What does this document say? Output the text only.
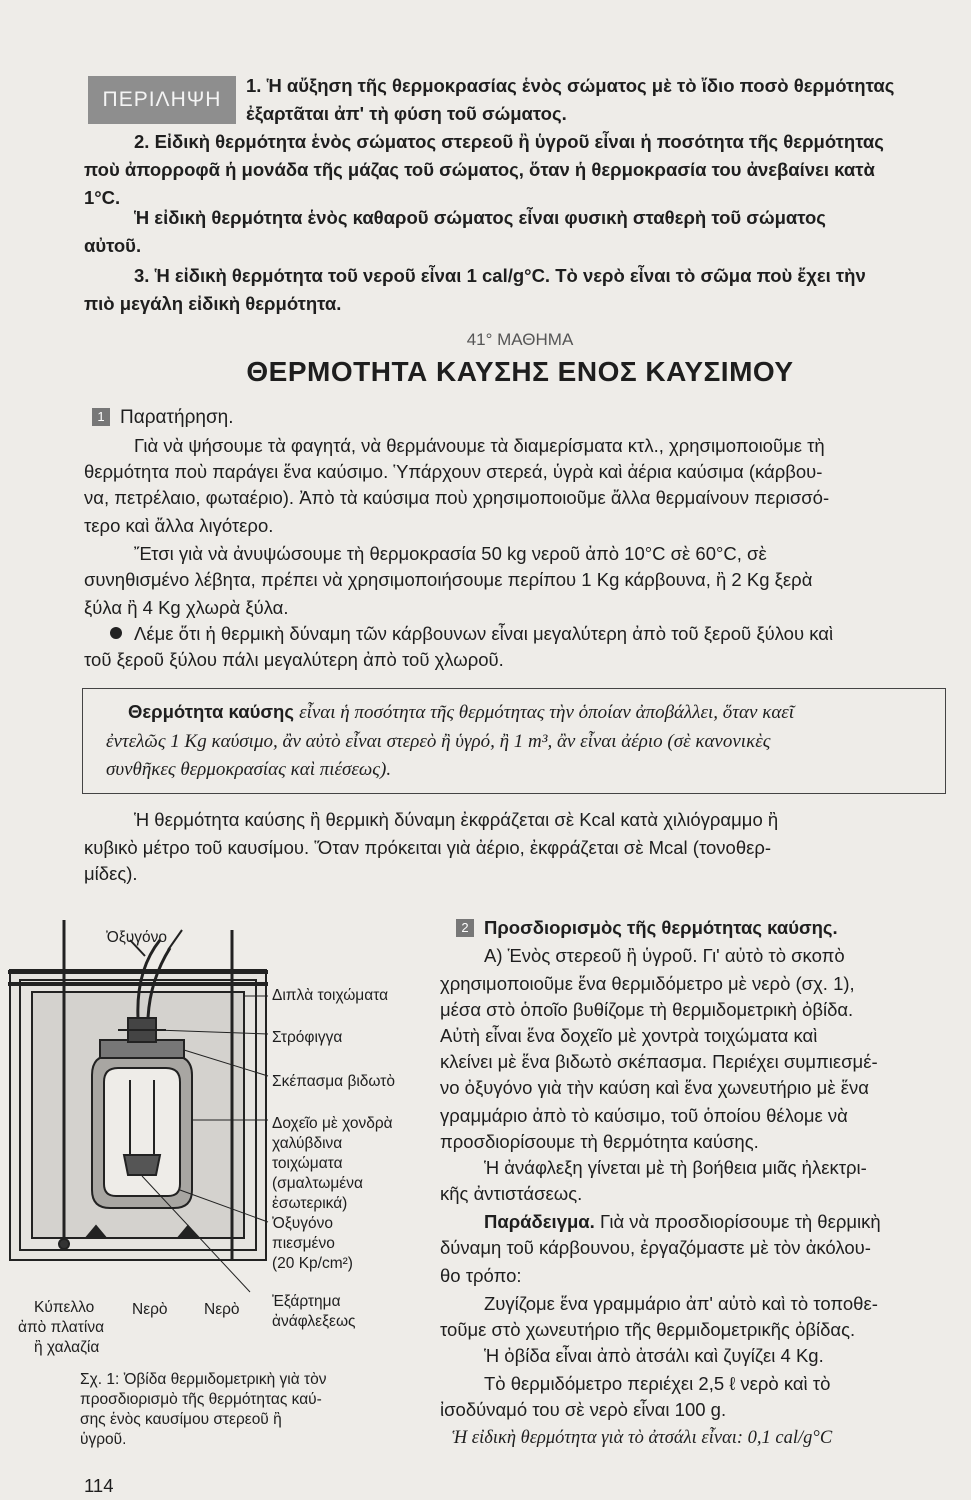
ΠΕΡΙΛΗΨΗ
1. Ἡ αὔξηση τῆς θερμοκρασίας ἑνὸς σώματος μὲ τὸ ἴδιο ποσὸ θερμότητας
ἐξαρτᾶται ἀπ' τὴ φύση τοῦ σώματος.
2. Εἰδικὴ θερμότητα ἑνὸς σώματος στερεοῦ ἢ ὑγροῦ εἶναι ἡ ποσότητα τῆς θερμότητας
ποὺ ἀπορροφᾶ ἡ μονάδα τῆς μάζας τοῦ σώματος, ὅταν ἡ θερμοκρασία του ἀνεβαίνει κατὰ
1°C.
Ἡ εἰδικὴ θερμότητα ἑνὸς καθαροῦ σώματος εἶναι φυσικὴ σταθερὴ τοῦ σώματος
αὐτοῦ.
3. Ἡ εἰδικὴ θερμότητα τοῦ νεροῦ εἶναι 1 cal/g°C. Τὸ νερὸ εἶναι τὸ σῶμα ποὺ ἔχει τὴν
πιὸ μεγάλη εἰδικὴ θερμότητα.
41° ΜΑΘΗΜΑ
ΘΕΡΜΟΤΗΤΑ ΚΑΥΣΗΣ ΕΝΟΣ ΚΑΥΣΙΜΟΥ
1 Παρατήρηση.
Γιὰ νὰ ψήσουμε τὰ φαγητά, νὰ θερμάνουμε τὰ διαμερίσματα κτλ., χρησιμοποιοῦμε τὴ
θερμότητα ποὺ παράγει ἕνα καύσιμο. Ὑπάρχουν στερεά, ὑγρὰ καὶ ἀέρια καύσιμα (κάρβου-
να, πετρέλαιο, φωταέριο). Ἀπὸ τὰ καύσιμα ποὺ χρησιμοποιοῦμε ἄλλα θερμαίνουν περισσό-
τερο καὶ ἄλλα λιγότερο.
Ἔτσι γιὰ νὰ ἀνυψώσουμε τὴ θερμοκρασία 50 kg νεροῦ ἀπὸ 10°C σὲ 60°C, σὲ
συνηθισμένο λέβητα, πρέπει νὰ χρησιμοποιήσουμε περίπου 1 Kg κάρβουνα, ἢ 2 Kg ξερὰ
ξύλα ἢ 4 Kg χλωρὰ ξύλα.
Λέμε ὅτι ἡ θερμικὴ δύναμη τῶν κάρβουνων εἶναι μεγαλύτερη ἀπὸ τοῦ ξεροῦ ξύλου καὶ
τοῦ ξεροῦ ξύλου πάλι μεγαλύτερη ἀπὸ τοῦ χλωροῦ.
Θερμότητα καύσης εἶναι ἡ ποσότητα τῆς θερμότητας τὴν ὁποίαν ἀποβάλλει, ὅταν καεῖ
ἐντελῶς 1 Kg καύσιμο, ἂν αὐτὸ εἶναι στερεὸ ἢ ὑγρό, ἢ 1 m³, ἂν εἶναι ἀέριο (σὲ κανονικὲς
συνθῆκες θερμοκρασίας καὶ πιέσεως).
Ἡ θερμότητα καύσης ἢ θερμικὴ δύναμη ἐκφράζεται σὲ Kcal κατὰ χιλιόγραμμο ἢ
κυβικὸ μέτρο τοῦ καυσίμου. Ὅταν πρόκειται γιὰ ἀέριο, ἐκφράζεται σὲ Mcal (τονοθερ-
μίδες).
Ὀξυγόνο
Διπλὰ τοιχώματα
Στρόφιγγα
Σκέπασμα βιδωτὸ
Δοχεῖο μὲ χονδρὰ
χαλύβδινα
τοιχώματα
(σμαλτωμένα
ἐσωτερικά)
Ὀξυγόνο
πιεσμένο
(20 Kp/cm²)
Ἐξάρτημα
ἀνάφλεξεως
Κύπελλο
ἀπὸ πλατίνα
ἢ χαλαζία
Νερὸ Νερὸ
Σχ. 1: Ὀβίδα θερμιδομετρικὴ γιὰ τὸν
προσδιορισμὸ τῆς θερμότητας καύ-
σης ἑνὸς καυσίμου στερεοῦ ἢ
ὑγροῦ.
2 Προσδιορισμὸς τῆς θερμότητας καύσης.
Α) Ἑνὸς στερεοῦ ἢ ὑγροῦ. Γι' αὐτὸ τὸ σκοπὸ
χρησιμοποιοῦμε ἕνα θερμιδόμετρο μὲ νερὸ (σχ. 1),
μέσα στὸ ὁποῖο βυθίζομε τὴ θερμιδομετρικὴ ὀβίδα.
Αὐτὴ εἶναι ἕνα δοχεῖο μὲ χοντρὰ τοιχώματα καὶ
κλείνει μὲ ἕνα βιδωτὸ σκέπασμα. Περιέχει συμπιεσμέ-
νο ὀξυγόνο γιὰ τὴν καύση καὶ ἕνα χωνευτήριο μὲ ἕνα
γραμμάριο ἀπὸ τὸ καύσιμο, τοῦ ὁποίου θέλομε νὰ
προσδιορίσουμε τὴ θερμότητα καύσης.
Ἡ ἀνάφλεξη γίνεται μὲ τὴ βοήθεια μιᾶς ἠλεκτρι-
κῆς ἀντιστάσεως.
Παράδειγμα. Γιὰ νὰ προσδιορίσουμε τὴ θερμικὴ
δύναμη τοῦ κάρβουνου, ἐργαζόμαστε μὲ τὸν ἀκόλου-
θο τρόπο:
Ζυγίζομε ἕνα γραμμάριο ἀπ' αὐτὸ καὶ τὸ τοποθε-
τοῦμε στὸ χωνευτήριο τῆς θερμιδομετρικῆς ὀβίδας.
Ἡ ὀβίδα εἶναι ἀπὸ ἀτσάλι καὶ ζυγίζει 4 Kg.
Τὸ θερμιδόμετρο περιέχει 2,5 ℓ νερὸ καὶ τὸ
ἰσοδύναμό του σὲ νερὸ εἶναι 100 g.
Ἡ εἰδικὴ θερμότητα γιὰ τὸ ἀτσάλι εἶναι: 0,1 cal/g°C
114
